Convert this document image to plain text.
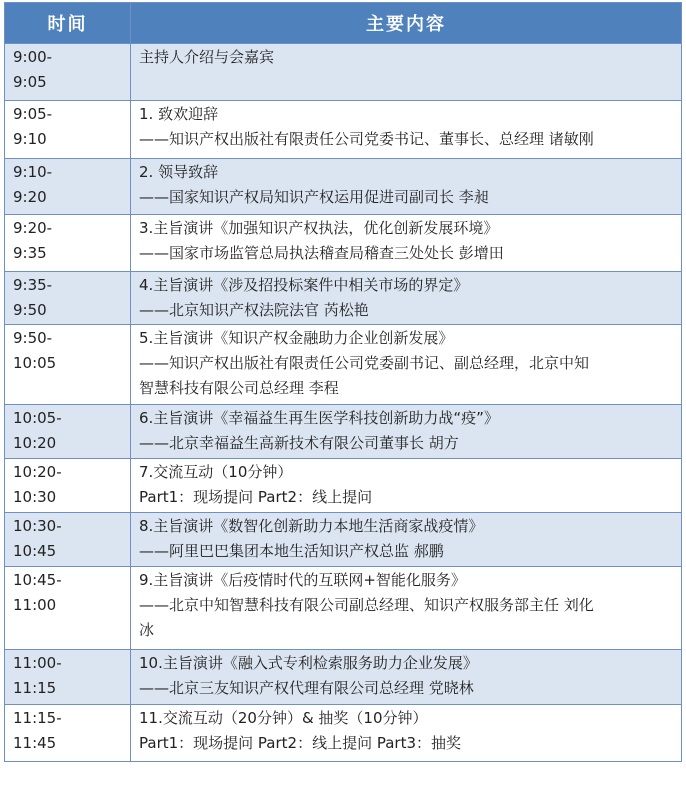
时间	主要内容

9:00-
9:05	主持人介绍与会嘉宾

9:05-
9:10	1. 致欢迎辞
——知识产权出版社有限责任公司党委书记、董事长、总经理 诸敏刚

9:10-
9:20	2. 领导致辞
——国家知识产权局知识产权运用促进司副司长 李昶

9:20-
9:35	3.主旨演讲《加强知识产权执法，优化创新发展环境》
——国家市场监管总局执法稽查局稽查三处处长 彭增田

9:35-
9:50	4.主旨演讲《涉及招投标案件中相关市场的界定》
——北京知识产权法院法官 芮松艳

9:50-
10:05	5.主旨演讲《知识产权金融助力企业创新发展》
——知识产权出版社有限责任公司党委副书记、副总经理，北京中知
智慧科技有限公司总经理 李程

10:05-
10:20	6.主旨演讲《幸福益生再生医学科技创新助力战“疫”》
——北京幸福益生高新技术有限公司董事长 胡方

10:20-
10:30	7.交流互动（10分钟）
Part1：现场提问 Part2：线上提问

10:30-
10:45	8.主旨演讲《数智化创新助力本地生活商家战疫情》
——阿里巴巴集团本地生活知识产权总监 郝鹏

10:45-
11:00	9.主旨演讲《后疫情时代的互联网+智能化服务》
——北京中知智慧科技有限公司副总经理、知识产权服务部主任 刘化
冰

11:00-
11:15	10.主旨演讲《融入式专利检索服务助力企业发展》
——北京三友知识产权代理有限公司总经理 党晓林

11:15-
11:45	11.交流互动（20分钟）& 抽奖（10分钟）
Part1：现场提问 Part2：线上提问 Part3：抽奖
